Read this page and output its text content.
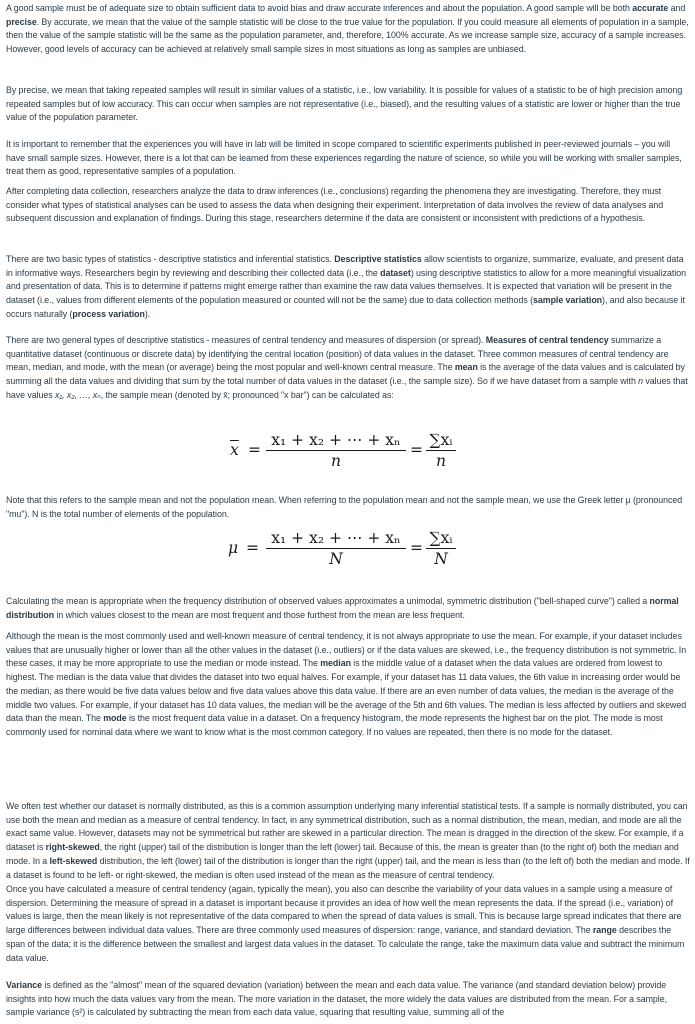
A good sample must be of adequate size to obtain sufficient data to avoid bias and draw accurate inferences and about the population. A good sample will be both accurate and precise. By accurate, we mean that the value of the sample statistic will be close to the true value for the population. If you could measure all elements of population in a sample, then the value of the sample statistic will be the same as the population parameter, and, therefore, 100% accurate. As we increase sample size, accuracy of a sample increases. However, good levels of accuracy can be achieved at relatively small sample sizes in most situations as long as samples are unbiased.

By precise, we mean that taking repeated samples will result in similar values of a statistic, i.e., low variability. It is possible for values of a statistic to be of high precision among repeated samples but of low accuracy. This can occur when samples are not representative (i.e., biased), and the resulting values of a statistic are lower or higher than the true value of the population parameter.

It is important to remember that the experiences you will have in lab will be limited in scope compared to scientific experiments published in peer-reviewed journals – you will have small sample sizes. However, there is a lot that can be learned from these experiences regarding the nature of science, so while you will be working with smaller samples, treat them as good, representative samples of a population.

After completing data collection, researchers analyze the data to draw inferences (i.e., conclusions) regarding the phenomena they are investigating. Therefore, they must consider what types of statistical analyses can be used to assess the data when designing their experiment. Interpretation of data involves the review of data analyses and subsequent discussion and explanation of findings. During this stage, researchers determine if the data are consistent or inconsistent with predictions of a hypothesis.

There are two basic types of statistics - descriptive statistics and inferential statistics. Descriptive statistics allow scientists to organize, summarize, evaluate, and present data in informative ways. Researchers begin by reviewing and describing their collected data (i.e., the dataset) using descriptive statistics to allow for a more meaningful visualization and presentation of data. This is to determine if patterns might emerge rather than examine the raw data values themselves. It is expected that variation will be present in the dataset (i.e., values from different elements of the population measured or counted will not be the same) due to data collection methods (sample variation), and also because it occurs naturally (process variation).

There are two general types of descriptive statistics - measures of central tendency and measures of dispersion (or spread). Measures of central tendency summarize a quantitative dataset (continuous or discrete data) by identifying the central location (position) of data values in the dataset. Three common measures of central tendency are mean, median, and mode, with the mean (or average) being the most popular and well-known central measure. The mean is the average of the data values and is calculated by summing all the data values and dividing that sum by the total number of data values in the dataset (i.e., the sample size). So if we have dataset from a sample with n values that have values x₁, x₂, …, xₙ, the sample mean (denoted by x̄; pronounced "x bar") can be calculated as:

$\overline{x} = \frac{\text{x₁ + x₂ + ⋯ + xₙ}}{n} = \frac{\text{∑xᵢ}}{n}$

Note that this refers to the sample mean and not the population mean. When referring to the population mean and not the sample mean, we use the Greek letter μ (pronounced "mu"). N is the total number of elements of the population.

$\mu = \frac{\text{x₁ + x₂ + ⋯ + xₙ}}{N} = \frac{\text{∑xᵢ}}{N}$

Calculating the mean is appropriate when the frequency distribution of observed values approximates a unimodal, symmetric distribution ("bell-shaped curve") called a normal distribution in which values closest to the mean are most frequent and those furthest from the mean are less frequent.

Although the mean is the most commonly used and well-known measure of central tendency, it is not always appropriate to use the mean. For example, if your dataset includes values that are unusually higher or lower than all the other values in the dataset (i.e., outliers) or if the data values are skewed, i.e., the frequency distribution is not symmetric. In these cases, it may be more appropriate to use the median or mode instead. The median is the middle value of a dataset when the data values are ordered from lowest to highest. The median is the data value that divides the dataset into two equal halves. For example, if your dataset has 11 data values, the 6th value in increasing order would be the median, as there would be five data values below and five data values above this data value. If there are an even number of data values, the median is the average of the middle two values. For example, if your dataset has 10 data values, the median will be the average of the 5th and 6th values. The median is less affected by outliers and skewed data than the mean. The mode is the most frequent data value in a dataset. On a frequency histogram, the mode represents the highest bar on the plot. The mode is most commonly used for nominal data where we want to know what is the most common category. If no values are repeated, then there is no mode for the dataset.

We often test whether our dataset is normally distributed, as this is a common assumption underlying many inferential statistical tests. If a sample is normally distributed, you can use both the mean and median as a measure of central tendency. In fact, in any symmetrical distribution, such as a normal distribution, the mean, median, and mode are all the exact same value. However, datasets may not be symmetrical but rather are skewed in a particular direction. The mean is dragged in the direction of the skew. For example, if a dataset is right-skewed, the right (upper) tail of the distribution is longer than the left (lower) tail. Because of this, the mean is greater than (to the right of) both the median and mode. In a left-skewed distribution, the left (lower) tail of the distribution is longer than the right (upper) tail, and the mean is less than (to the left of) both the median and mode. If a dataset is found to be left- or right-skewed, the median is often used instead of the mean as the measure of central tendency.

Once you have calculated a measure of central tendency (again, typically the mean), you also can describe the variability of your data values in a sample using a measure of dispersion. Determining the measure of spread in a dataset is important because it provides an idea of how well the mean represents the data. If the spread (i.e., variation) of values is large, then the mean likely is not representative of the data compared to when the spread of data values is small. This is because large spread indicates that there are large differences between individual data values. There are three commonly used measures of dispersion: range, variance, and standard deviation. The range describes the span of the data; it is the difference between the smallest and largest data values in the dataset. To calculate the range, take the maximum data value and subtract the minimum data value.

Variance is defined as the "almost" mean of the squared deviation (variation) between the mean and each data value. The variance (and standard deviation below) provide insights into how much the data values vary from the mean. The more variation in the dataset, the more widely the data values are distributed from the mean. For a sample, sample variance (s²) is calculated by subtracting the mean from each data value, squaring that resulting value, summing all of the
